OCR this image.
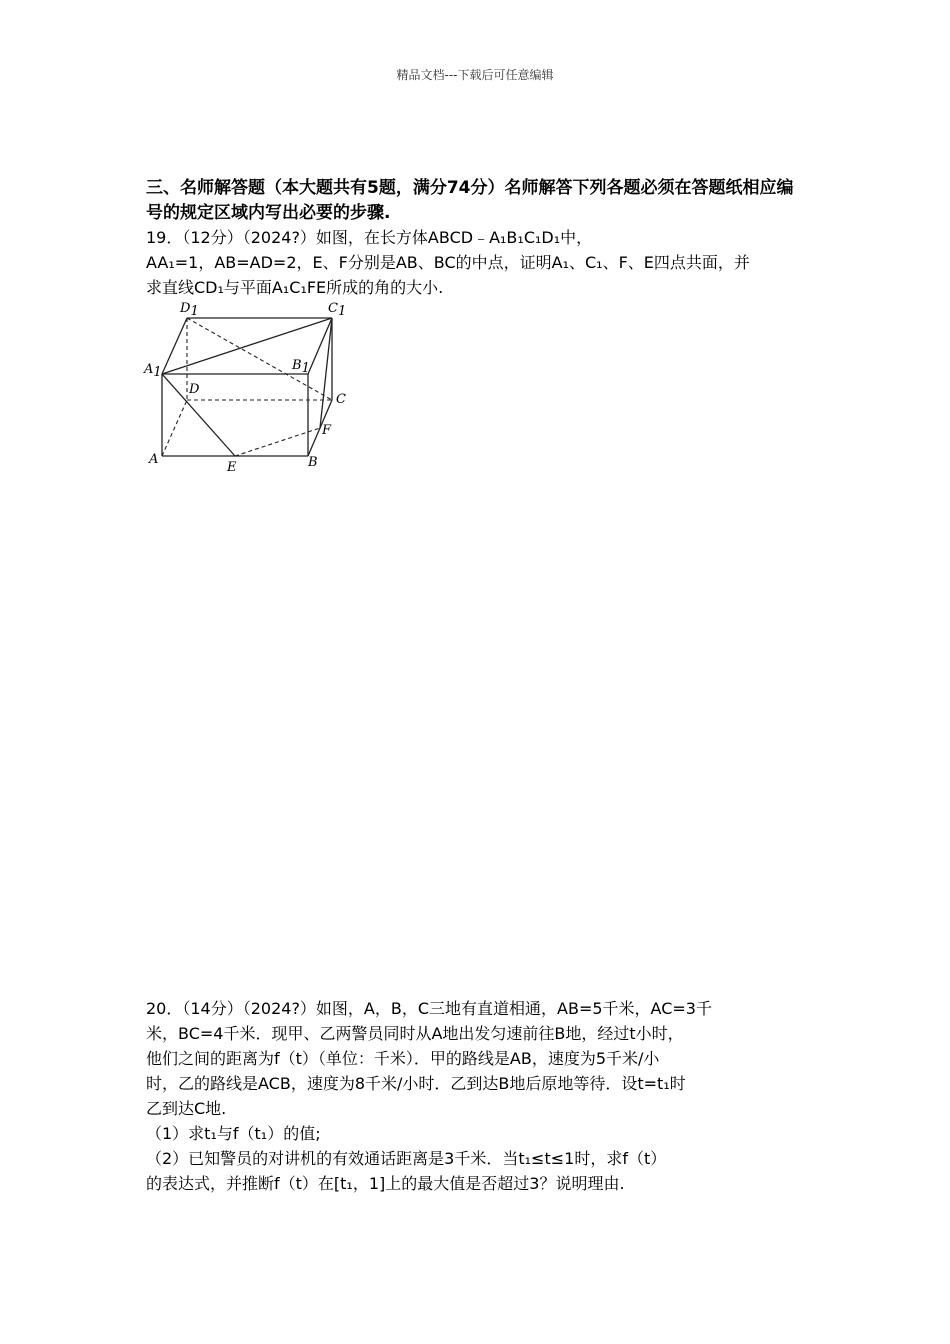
精品文档---下载后可任意编辑
三、名师解答题（本大题共有5题，满分74分）名师解答下列各题必须在答题纸相应编号的规定区域内写出必要的步骤.

19．（12分）（2024?）如图，在长方体ABCD﹣A₁B₁C₁D₁中，

AA₁=1，AB=AD=2，E、F分别是AB、BC的中点，证明A₁、C₁、F、E四点共面，并

求直线CD₁与平面A₁C₁FE所成的角的大小.

D1	C1
A1	B1
D
C
F
A	B
E

20．（14分）（2024?）如图，A，B，C三地有直道相通，AB=5千米，AC=3千

米，BC=4千米．现甲、乙两警员同时从A地出发匀速前往B地，经过t小时，

他们之间的距离为f（t）（单位：千米）．甲的路线是AB，速度为5千米/小

时，乙的路线是ACB，速度为8千米/小时．乙到达B地后原地等待．设t=t₁时

乙到达C地.

（1）求t₁与f（t₁）的值;

（2）已知警员的对讲机的有效通话距离是3千米．当t₁≤t≤1时，求f（t）

的表达式，并推断f（t）在[t₁，1]上的最大值是否超过3？说明理由.
